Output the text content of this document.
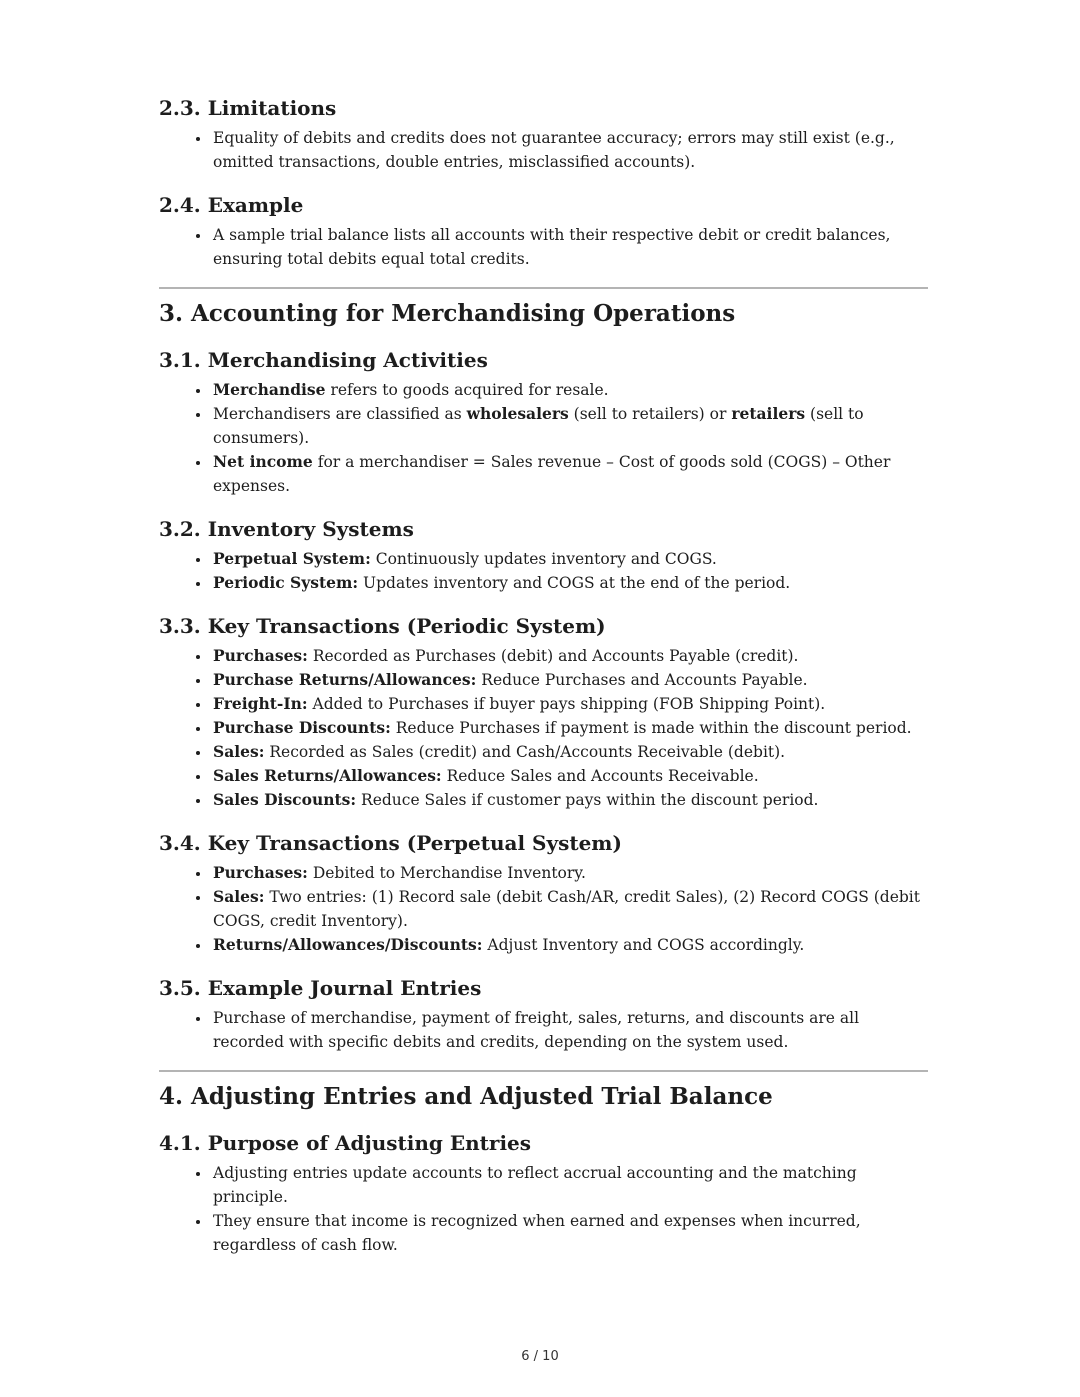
2.3. Limitations
• Equality of debits and credits does not guarantee accuracy; errors may still exist (e.g., omitted transactions, double entries, misclassified accounts).
2.4. Example
• A sample trial balance lists all accounts with their respective debit or credit balances, ensuring total debits equal total credits.
3. Accounting for Merchandising Operations
3.1. Merchandising Activities
• Merchandise refers to goods acquired for resale.
• Merchandisers are classified as wholesalers (sell to retailers) or retailers (sell to consumers).
• Net income for a merchandiser = Sales revenue – Cost of goods sold (COGS) – Other expenses.
3.2. Inventory Systems
• Perpetual System: Continuously updates inventory and COGS.
• Periodic System: Updates inventory and COGS at the end of the period.
3.3. Key Transactions (Periodic System)
• Purchases: Recorded as Purchases (debit) and Accounts Payable (credit).
• Purchase Returns/Allowances: Reduce Purchases and Accounts Payable.
• Freight-In: Added to Purchases if buyer pays shipping (FOB Shipping Point).
• Purchase Discounts: Reduce Purchases if payment is made within the discount period.
• Sales: Recorded as Sales (credit) and Cash/Accounts Receivable (debit).
• Sales Returns/Allowances: Reduce Sales and Accounts Receivable.
• Sales Discounts: Reduce Sales if customer pays within the discount period.
3.4. Key Transactions (Perpetual System)
• Purchases: Debited to Merchandise Inventory.
• Sales: Two entries: (1) Record sale (debit Cash/AR, credit Sales), (2) Record COGS (debit COGS, credit Inventory).
• Returns/Allowances/Discounts: Adjust Inventory and COGS accordingly.
3.5. Example Journal Entries
• Purchase of merchandise, payment of freight, sales, returns, and discounts are all recorded with specific debits and credits, depending on the system used.
4. Adjusting Entries and Adjusted Trial Balance
4.1. Purpose of Adjusting Entries
• Adjusting entries update accounts to reflect accrual accounting and the matching principle.
• They ensure that income is recognized when earned and expenses when incurred, regardless of cash flow.
6 / 10
